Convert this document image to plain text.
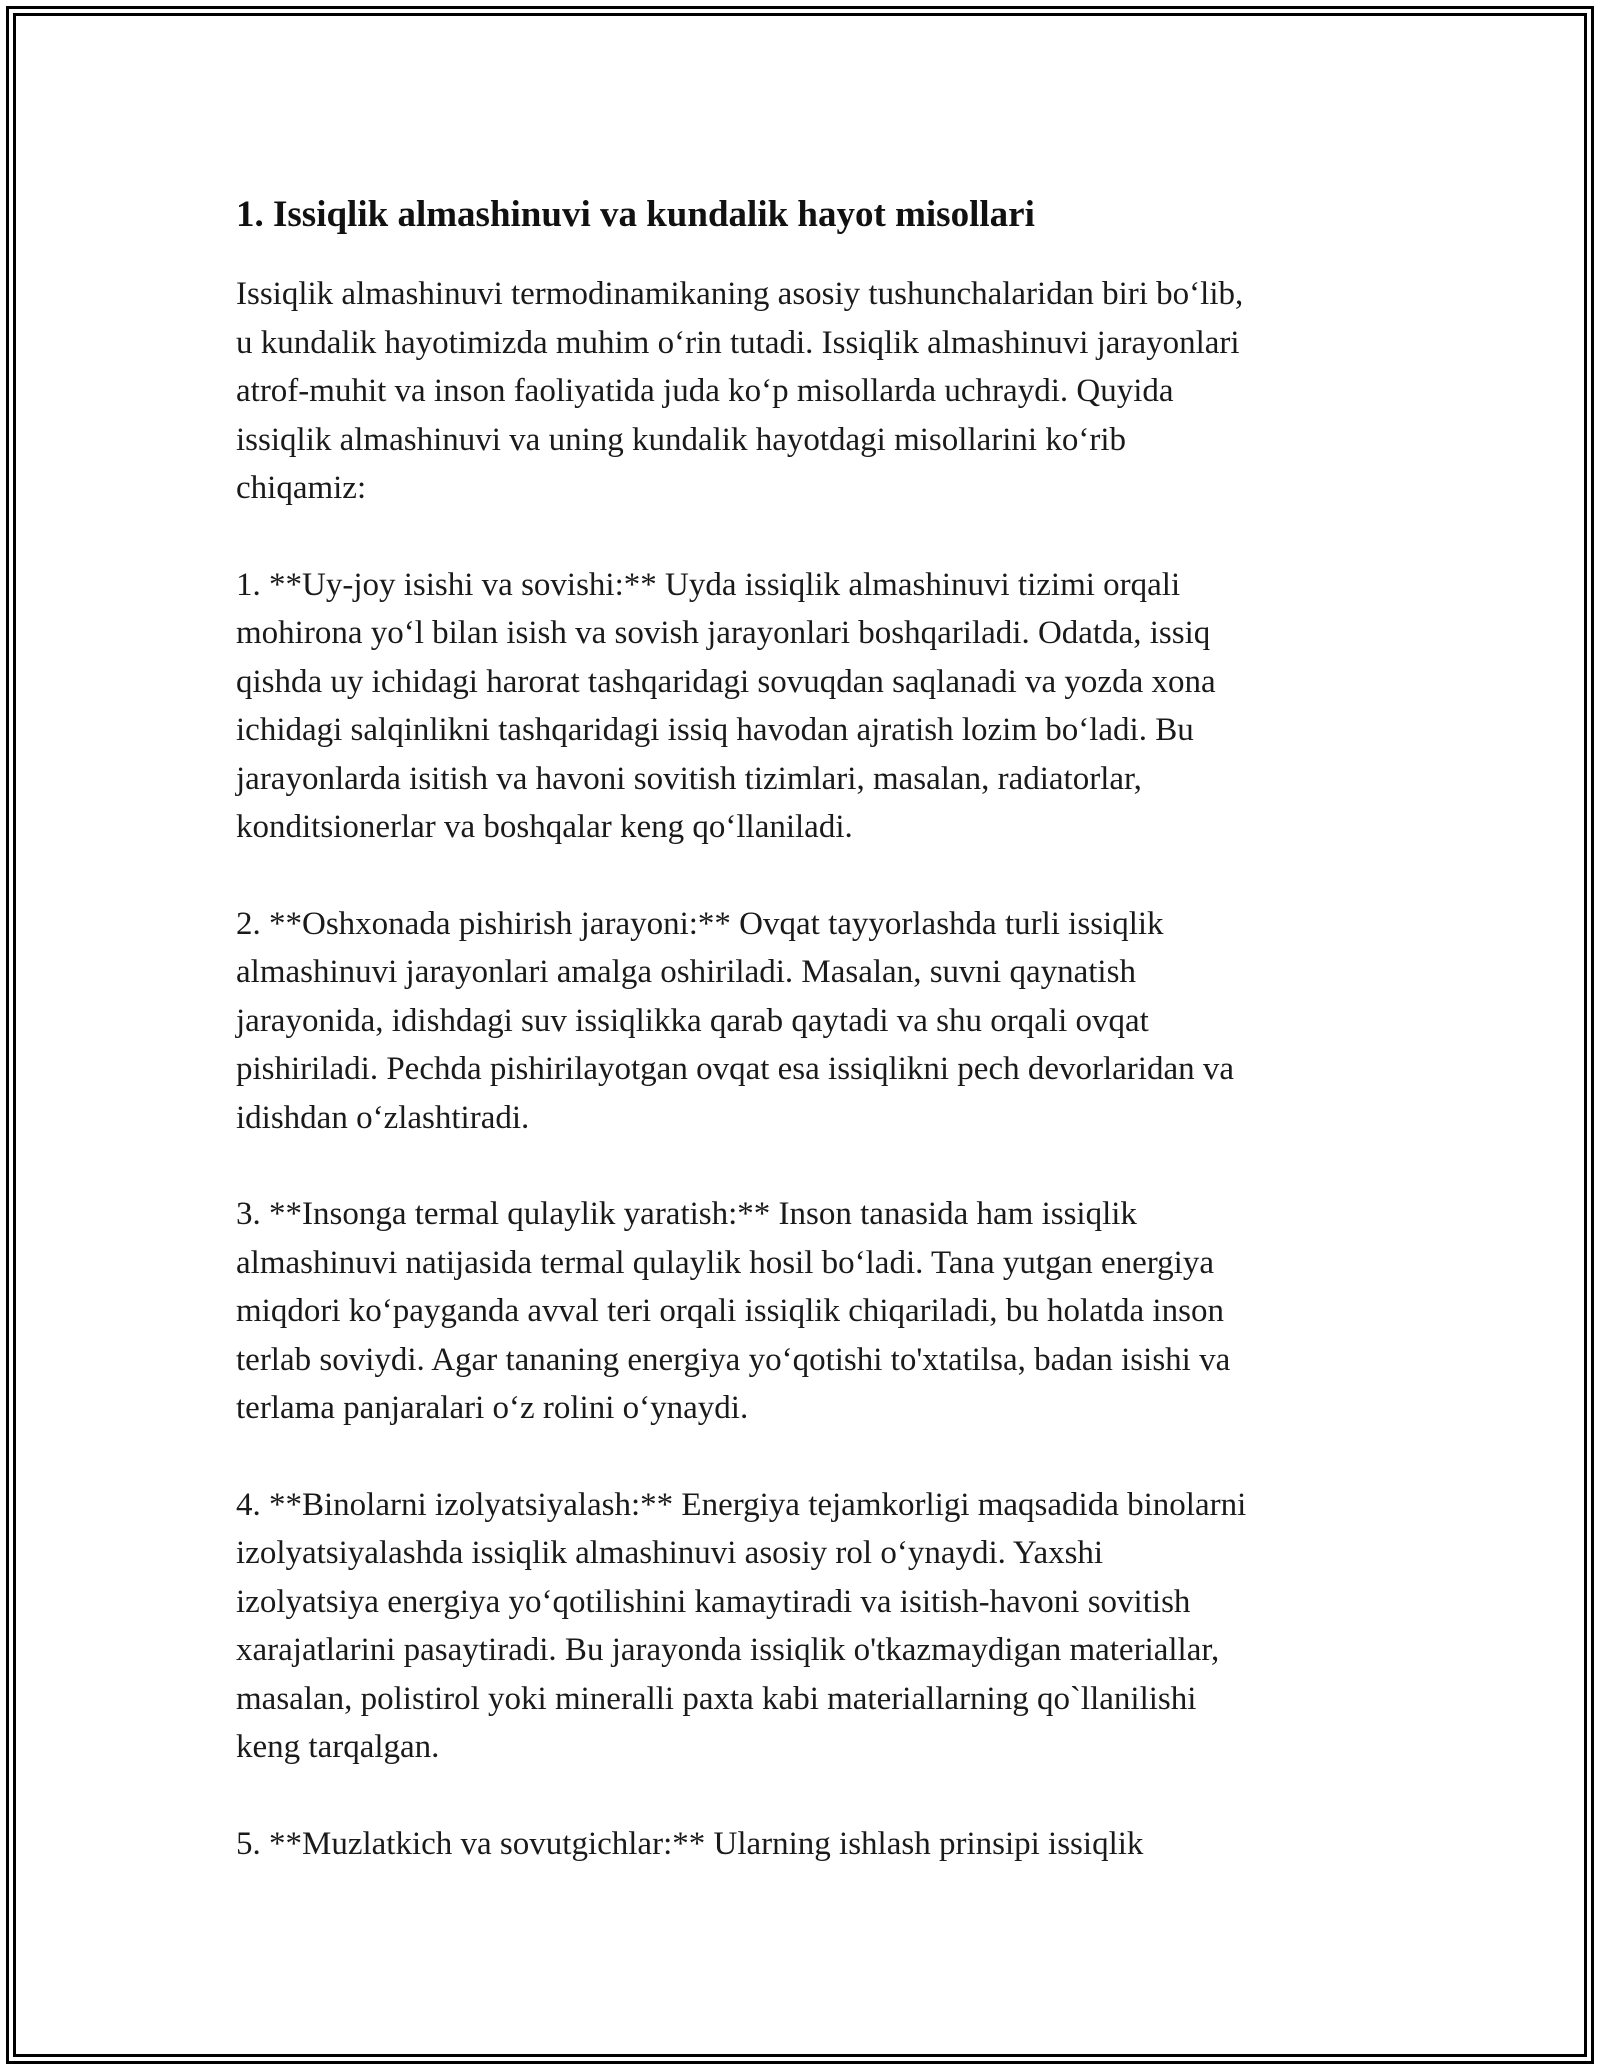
1. Issiqlik almashinuvi va kundalik hayot misollari

Issiqlik almashinuvi termodinamikaning asosiy tushunchalaridan biri bo‘lib,
u kundalik hayotimizda muhim o‘rin tutadi. Issiqlik almashinuvi jarayonlari
atrof-muhit va inson faoliyatida juda ko‘p misollarda uchraydi. Quyida
issiqlik almashinuvi va uning kundalik hayotdagi misollarini ko‘rib
chiqamiz:

1. **Uy-joy isishi va sovishi:** Uyda issiqlik almashinuvi tizimi orqali
mohirona yo‘l bilan isish va sovish jarayonlari boshqariladi. Odatda, issiq
qishda uy ichidagi harorat tashqaridagi sovuqdan saqlanadi va yozda xona
ichidagi salqinlikni tashqaridagi issiq havodan ajratish lozim bo‘ladi. Bu
jarayonlarda isitish va havoni sovitish tizimlari, masalan, radiatorlar,
konditsionerlar va boshqalar keng qo‘llaniladi.

2. **Oshxonada pishirish jarayoni:** Ovqat tayyorlashda turli issiqlik
almashinuvi jarayonlari amalga oshiriladi. Masalan, suvni qaynatish
jarayonida, idishdagi suv issiqlikka qarab qaytadi va shu orqali ovqat
pishiriladi. Pechda pishirilayotgan ovqat esa issiqlikni pech devorlaridan va
idishdan o‘zlashtiradi.

3. **Insonga termal qulaylik yaratish:** Inson tanasida ham issiqlik
almashinuvi natijasida termal qulaylik hosil bo‘ladi. Tana yutgan energiya
miqdori ko‘payganda avval teri orqali issiqlik chiqariladi, bu holatda inson
terlab soviydi. Agar tananing energiya yo‘qotishi to'xtatilsa, badan isishi va
terlama panjaralari o‘z rolini o‘ynaydi.

4. **Binolarni izolyatsiyalash:** Energiya tejamkorligi maqsadida binolarni
izolyatsiyalashda issiqlik almashinuvi asosiy rol o‘ynaydi. Yaxshi
izolyatsiya energiya yo‘qotilishini kamaytiradi va isitish-havoni sovitish
xarajatlarini pasaytiradi. Bu jarayonda issiqlik o'tkazmaydigan materiallar,
masalan, polistirol yoki mineralli paxta kabi materiallarning qo`llanilishi
keng tarqalgan.

5. **Muzlatkich va sovutgichlar:** Ularning ishlash prinsipi issiqlik
